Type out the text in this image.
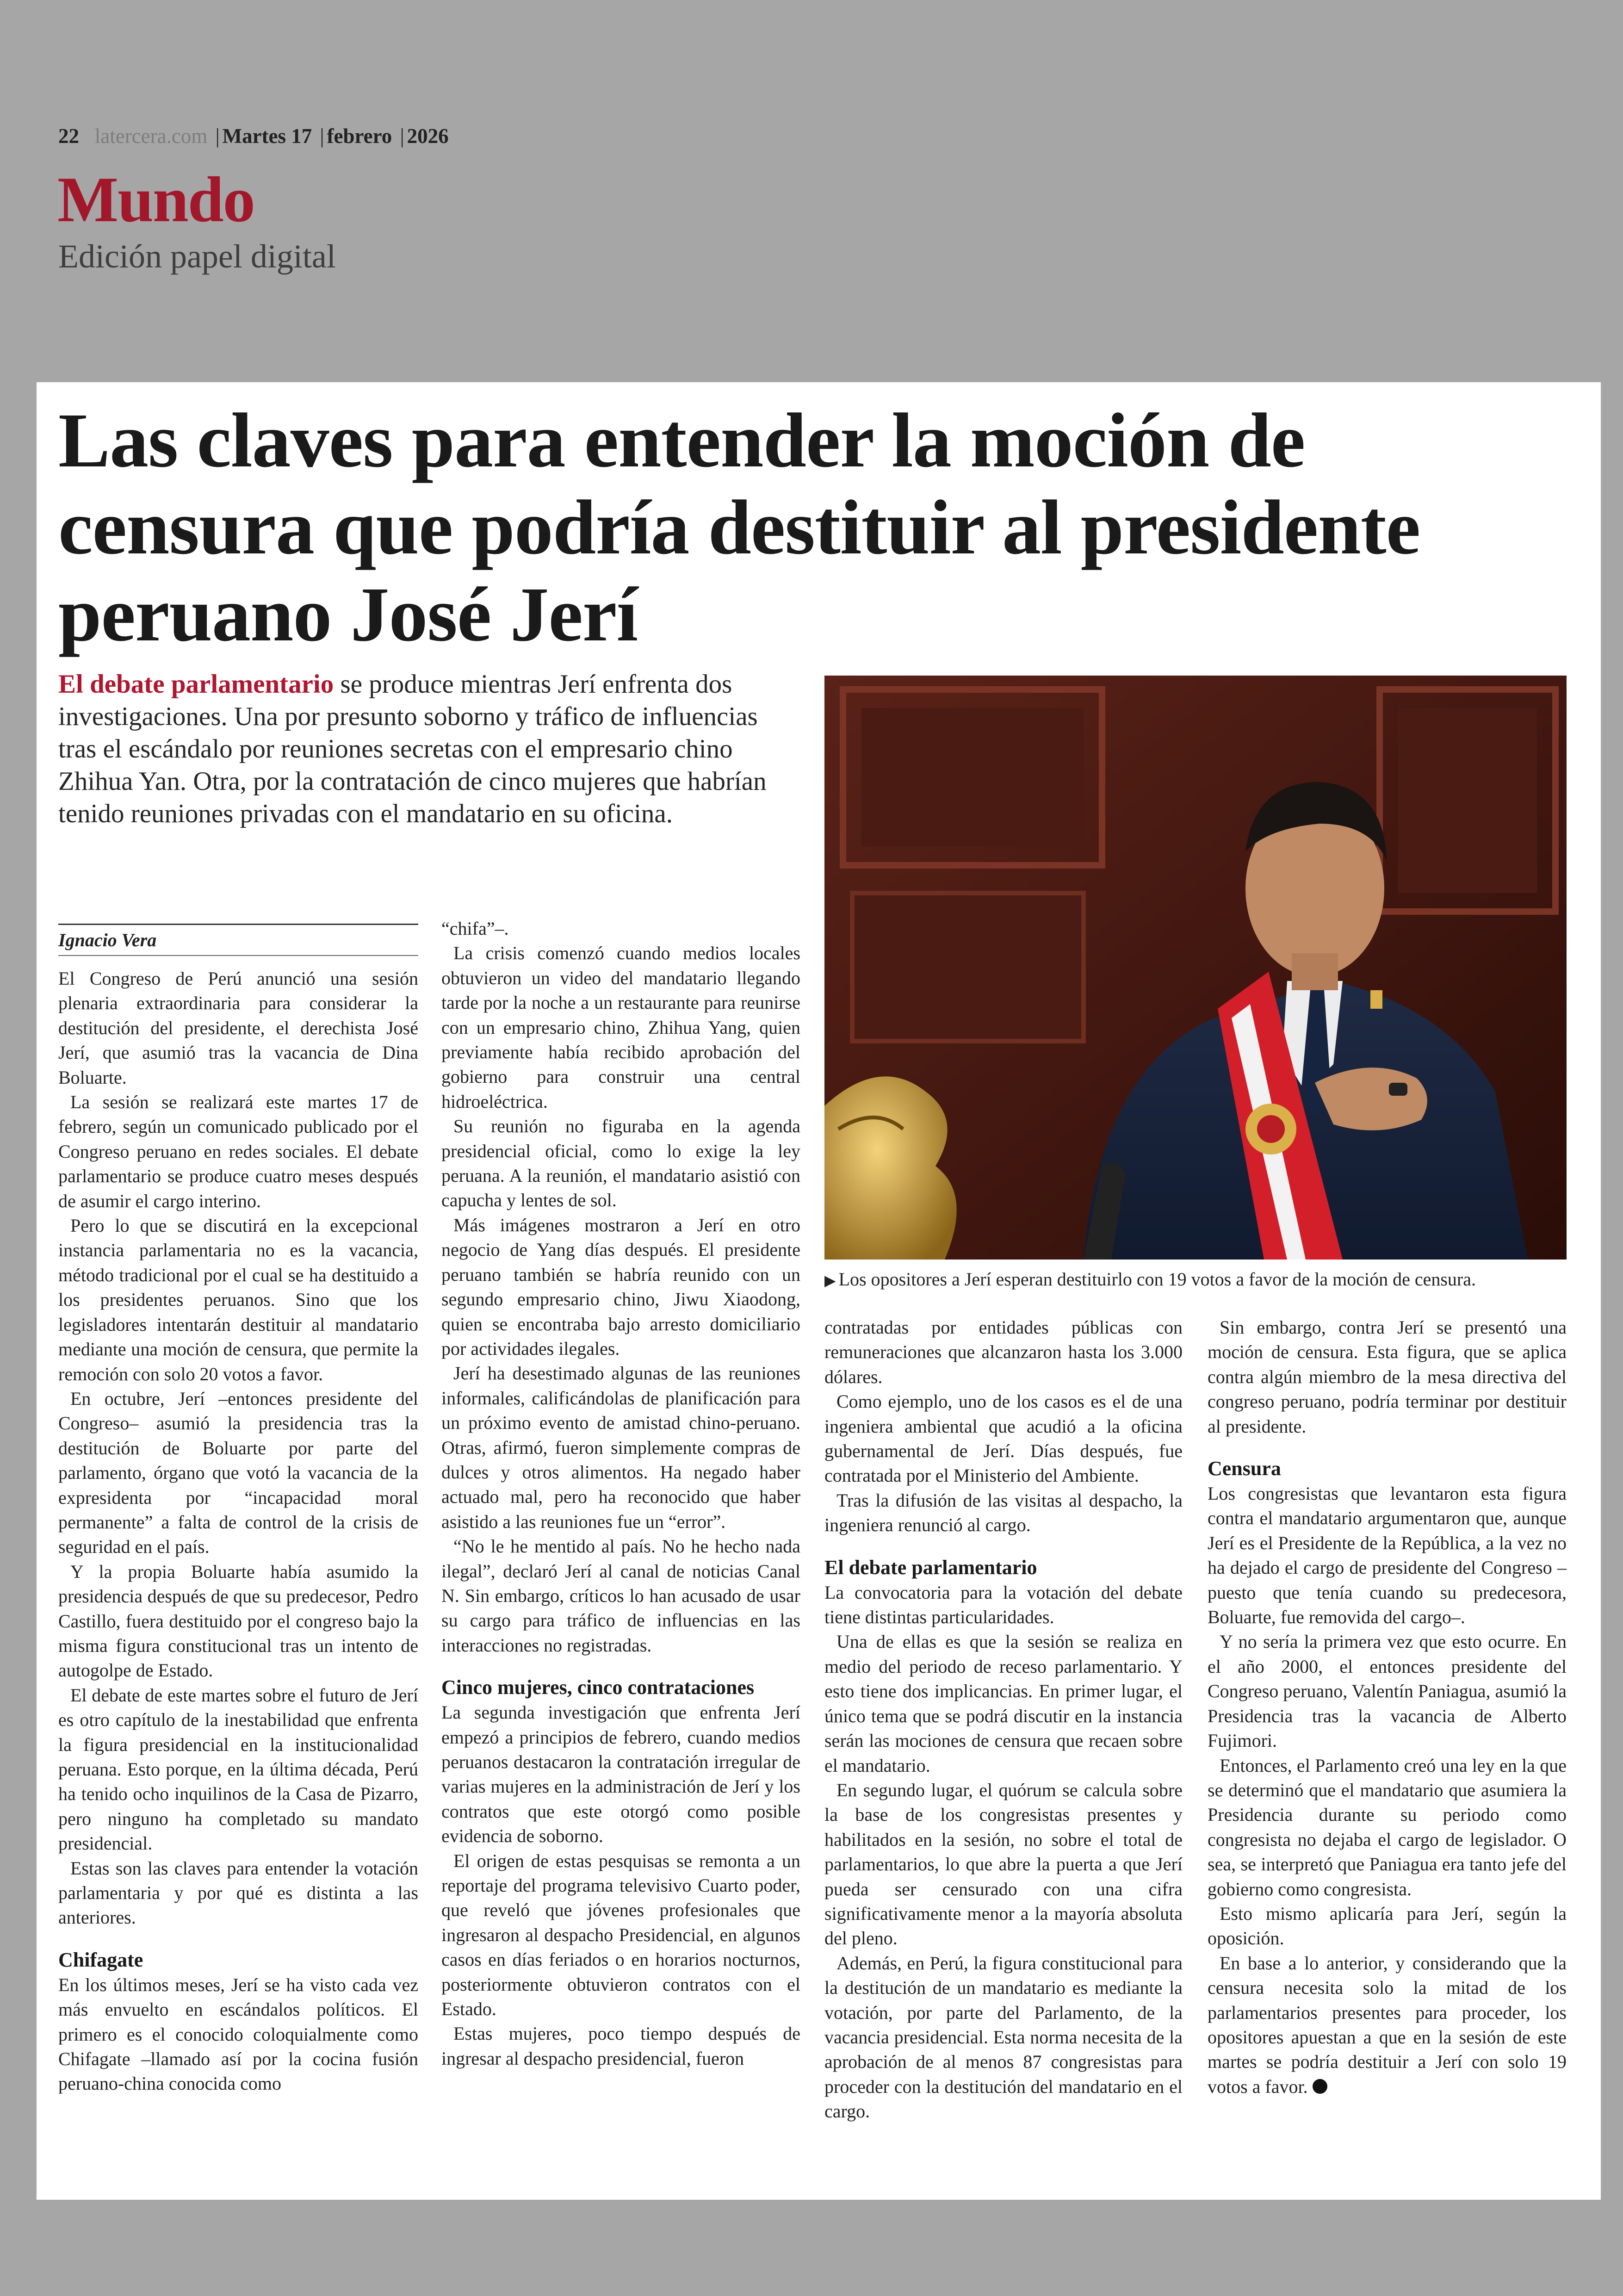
22 latercera.com | Martes 17 | febrero | 2026
Mundo
Edición papel digital
Las claves para entender la moción de censura que podría destituir al presidente peruano José Jerí

El debate parlamentario se produce mientras Jerí enfrenta dos investigaciones. Una por presunto soborno y tráfico de influencias tras el escándalo por reuniones secretas con el empresario chino Zhihua Yan. Otra, por la contratación de cinco mujeres que habrían tenido reuniones privadas con el mandatario en su oficina.

Ignacio Vera

El Congreso de Perú anunció una sesión plenaria extraordinaria para considerar la destitución del presidente, el derechista José Jerí, que asumió tras la vacancia de Dina Boluarte.

La sesión se realizará este martes 17 de febrero, según un comunicado publicado por el Congreso peruano en redes sociales. El debate parlamentario se produce cuatro meses después de asumir el cargo interino.

Pero lo que se discutirá en la excepcional instancia parlamentaria no es la vacancia, método tradicional por el cual se ha destituido a los presidentes peruanos. Sino que los legisladores intentarán destituir al mandatario mediante una moción de censura, que permite la remoción con solo 20 votos a favor.

En octubre, Jerí –entonces presidente del Congreso– asumió la presidencia tras la destitución de Boluarte por parte del parlamento, órgano que votó la vacancia de la expresidenta por “incapacidad moral permanente” a falta de control de la crisis de seguridad en el país.

Y la propia Boluarte había asumido la presidencia después de que su predecesor, Pedro Castillo, fuera destituido por el congreso bajo la misma figura constitucional tras un intento de autogolpe de Estado.

El debate de este martes sobre el futuro de Jerí es otro capítulo de la inestabilidad que enfrenta la figura presidencial en la institucionalidad peruana. Esto porque, en la última década, Perú ha tenido ocho inquilinos de la Casa de Pizarro, pero ninguno ha completado su mandato presidencial.

Estas son las claves para entender la votación parlamentaria y por qué es distinta a las anteriores.

Chifagate

En los últimos meses, Jerí se ha visto cada vez más envuelto en escándalos políticos. El primero es el conocido coloquialmente como Chifagate –llamado así por la cocina fusión peruano-china conocida como

“chifa”–.

La crisis comenzó cuando medios locales obtuvieron un video del mandatario llegando tarde por la noche a un restaurante para reunirse con un empresario chino, Zhihua Yang, quien previamente había recibido aprobación del gobierno para construir una central hidroeléctrica.

Su reunión no figuraba en la agenda presidencial oficial, como lo exige la ley peruana. A la reunión, el mandatario asistió con capucha y lentes de sol.

Más imágenes mostraron a Jerí en otro negocio de Yang días después. El presidente peruano también se habría reunido con un segundo empresario chino, Jiwu Xiaodong, quien se encontraba bajo arresto domiciliario por actividades ilegales.

Jerí ha desestimado algunas de las reuniones informales, calificándolas de planificación para un próximo evento de amistad chino-peruano. Otras, afirmó, fueron simplemente compras de dulces y otros alimentos. Ha negado haber actuado mal, pero ha reconocido que haber asistido a las reuniones fue un “error”.

“No le he mentido al país. No he hecho nada ilegal”, declaró Jerí al canal de noticias Canal N. Sin embargo, críticos lo han acusado de usar su cargo para tráfico de influencias en las interacciones no registradas.

Cinco mujeres, cinco contrataciones

La segunda investigación que enfrenta Jerí empezó a principios de febrero, cuando medios peruanos destacaron la contratación irregular de varias mujeres en la administración de Jerí y los contratos que este otorgó como posible evidencia de soborno.

El origen de estas pesquisas se remonta a un reportaje del programa televisivo Cuarto poder, que reveló que jóvenes profesionales que ingresaron al despacho Presidencial, en algunos casos en días feriados o en horarios nocturnos, posteriormente obtuvieron contratos con el Estado.

Estas mujeres, poco tiempo después de ingresar al despacho presidencial, fueron

▶ Los opositores a Jerí esperan destituirlo con 19 votos a favor de la moción de censura.

contratadas por entidades públicas con remuneraciones que alcanzaron hasta los 3.000 dólares.

Como ejemplo, uno de los casos es el de una ingeniera ambiental que acudió a la oficina gubernamental de Jerí. Días después, fue contratada por el Ministerio del Ambiente.

Tras la difusión de las visitas al despacho, la ingeniera renunció al cargo.

El debate parlamentario

La convocatoria para la votación del debate tiene distintas particularidades.

Una de ellas es que la sesión se realiza en medio del periodo de receso parlamentario. Y esto tiene dos implicancias. En primer lugar, el único tema que se podrá discutir en la instancia serán las mociones de censura que recaen sobre el mandatario.

En segundo lugar, el quórum se calcula sobre la base de los congresistas presentes y habilitados en la sesión, no sobre el total de parlamentarios, lo que abre la puerta a que Jerí pueda ser censurado con una cifra significativamente menor a la mayoría absoluta del pleno.

Además, en Perú, la figura constitucional para la destitución de un mandatario es mediante la votación, por parte del Parlamento, de la vacancia presidencial. Esta norma necesita de la aprobación de al menos 87 congresistas para proceder con la destitución del mandatario en el cargo.

Sin embargo, contra Jerí se presentó una moción de censura. Esta figura, que se aplica contra algún miembro de la mesa directiva del congreso peruano, podría terminar por destituir al presidente.

Censura

Los congresistas que levantaron esta figura contra el mandatario argumentaron que, aunque Jerí es el Presidente de la República, a la vez no ha dejado el cargo de presidente del Congreso –puesto que tenía cuando su predecesora, Boluarte, fue removida del cargo–.

Y no sería la primera vez que esto ocurre. En el año 2000, el entonces presidente del Congreso peruano, Valentín Paniagua, asumió la Presidencia tras la vacancia de Alberto Fujimori.

Entonces, el Parlamento creó una ley en la que se determinó que el mandatario que asumiera la Presidencia durante su periodo como congresista no dejaba el cargo de legislador. O sea, se interpretó que Paniagua era tanto jefe del gobierno como congresista.

Esto mismo aplicaría para Jerí, según la oposición.

En base a lo anterior, y considerando que la censura necesita solo la mitad de los parlamentarios presentes para proceder, los opositores apuestan a que en la sesión de este martes se podría destituir a Jerí con solo 19 votos a favor.
